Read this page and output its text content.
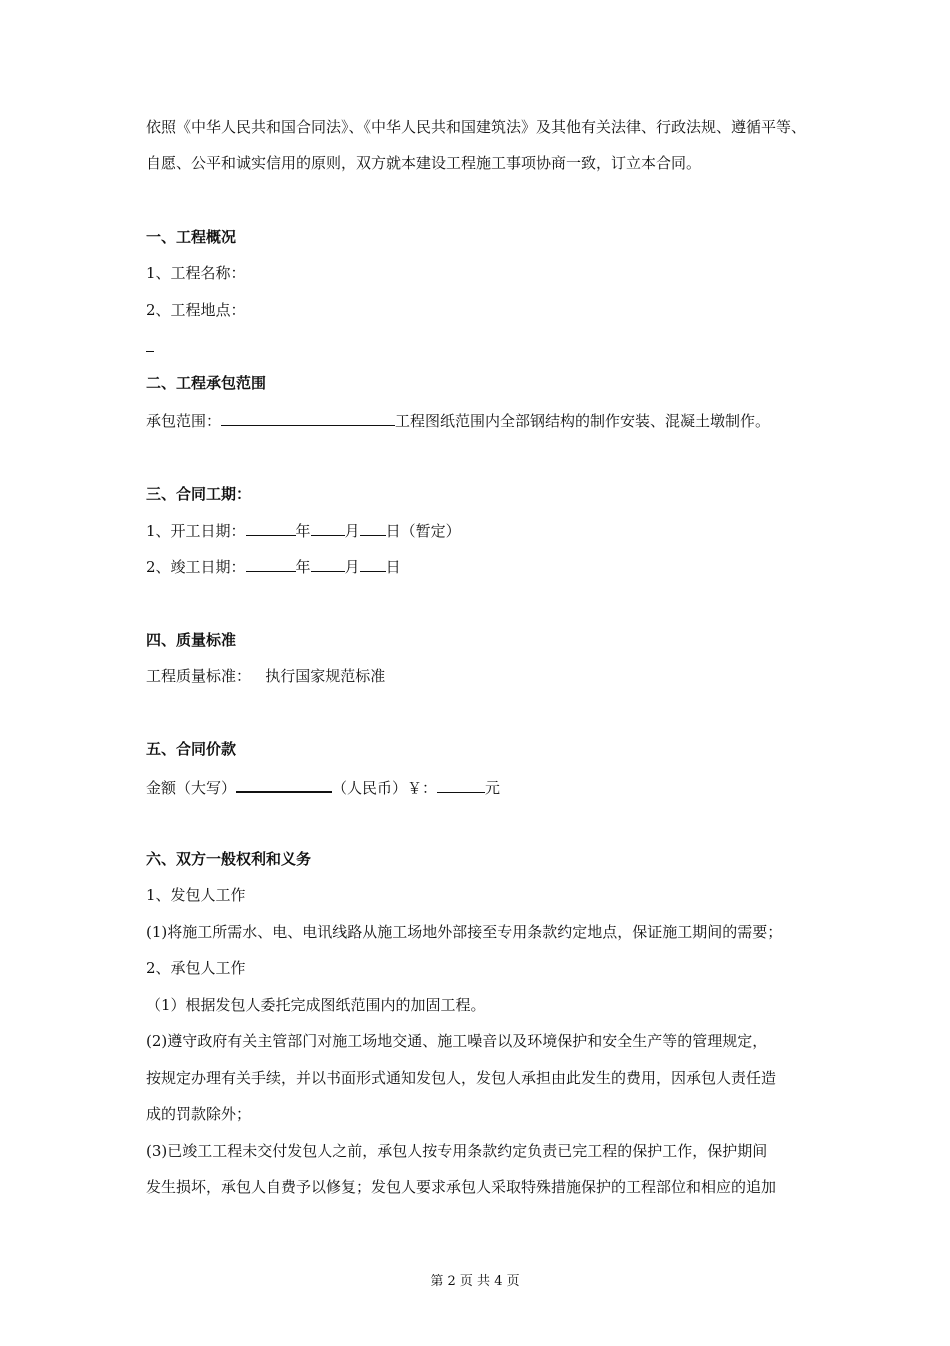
依照《中华人民共和国合同法》、《中华人民共和国建筑法》及其他有关法律、行政法规、遵循平等、
自愿、公平和诚实信用的原则，双方就本建设工程施工事项协商一致，订立本合同。
一、工程概况
1、工程名称：
2、工程地点：
二、工程承包范围
承包范围：	工程图纸范围内全部钢结构的制作安装、混凝土墩制作。
三、合同工期：
1、开工日期：	年 月 日（暂定）
2、竣工日期：	年 月 日
四、质量标准
工程质量标准：   执行国家规范标准
五、合同价款
金额（大写）	（人民币）￥：	元
六、双方一般权利和义务
1、发包人工作
(1)将施工所需水、电、电讯线路从施工场地外部接至专用条款约定地点，保证施工期间的需要；
2、承包人工作
（1）根据发包人委托完成图纸范围内的加固工程。
(2)遵守政府有关主管部门对施工场地交通、施工噪音以及环境保护和安全生产等的管理规定，
按规定办理有关手续，并以书面形式通知发包人，发包人承担由此发生的费用，因承包人责任造
成的罚款除外；
(3)已竣工工程未交付发包人之前，承包人按专用条款约定负责已完工程的保护工作，保护期间
发生损坏，承包人自费予以修复；发包人要求承包人采取特殊措施保护的工程部位和相应的追加
第 2 页 共 4 页
